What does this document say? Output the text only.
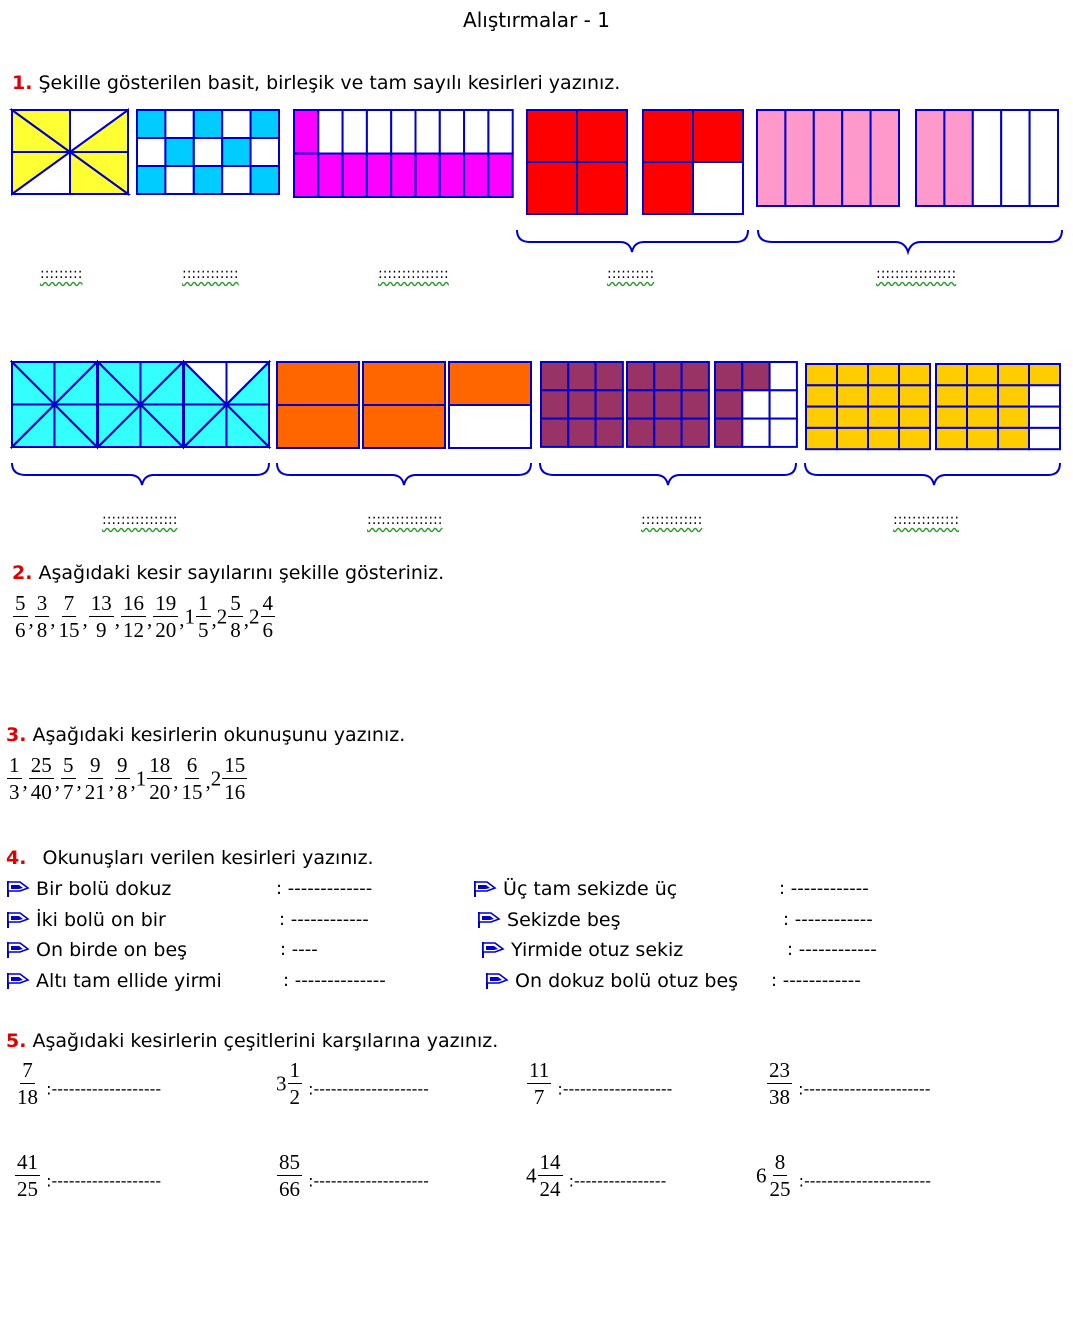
Alıştırmalar - 1
1. Şekille gösterilen basit, birleşik ve tam sayılı kesirleri yazınız.
:::::::::	::::::::::::	:::::::::::::::	::::::::::	:::::::::::::::::
::::::::::::::::	::::::::::::::::	:::::::::::::	::::::::::::::
2. Aşağıdaki kesir sayılarını şekille gösteriniz.
$\frac{5}{6}$ , $\frac{3}{8}$ , $\frac{7}{15}$ , $\frac{13}{9}$ , $\frac{16}{12}$ , $\frac{19}{20} ,1 \frac{1}{5} ,2 \frac{5}{8} ,2 \frac{4}{6}$
3. Aşağıdaki kesirlerin okunuşunu yazınız.
$\frac{1}{3}$ , $\frac{25}{40}$ , $\frac{5}{7}$ , $\frac{9}{21}$ , $\frac{9}{8} ,1 \frac{18}{20}$ , $\frac{6}{15} ,2 \frac{15}{16}$
4. Okunuşları verilen kesirleri yazınız.
Bir bolü dokuz	: -------------
İki bolü on bir	: ------------
On birde on beş	: ----
Altı tam ellide yirmi	: --------------
Üç tam sekizde üç	: ------------
Sekizde beş	: ------------
Yirmide otuz sekiz	: ------------
On dokuz bolü otuz beş : ------------
5. Aşağıdaki kesirlerin çeşitlerini karşılarına yazınız.
$\frac{7}{18}$ :-------------------	$3 \frac{1}{2}$ :--------------------	$\frac{11}{7}$ :-------------------	$\frac{23}{38}$ :----------------------
$\frac{41}{25}$ :-------------------	$\frac{85}{66}$ :--------------------	$4 \frac{14}{24}$ :----------------	$6 \frac{8}{25}$ :----------------------
